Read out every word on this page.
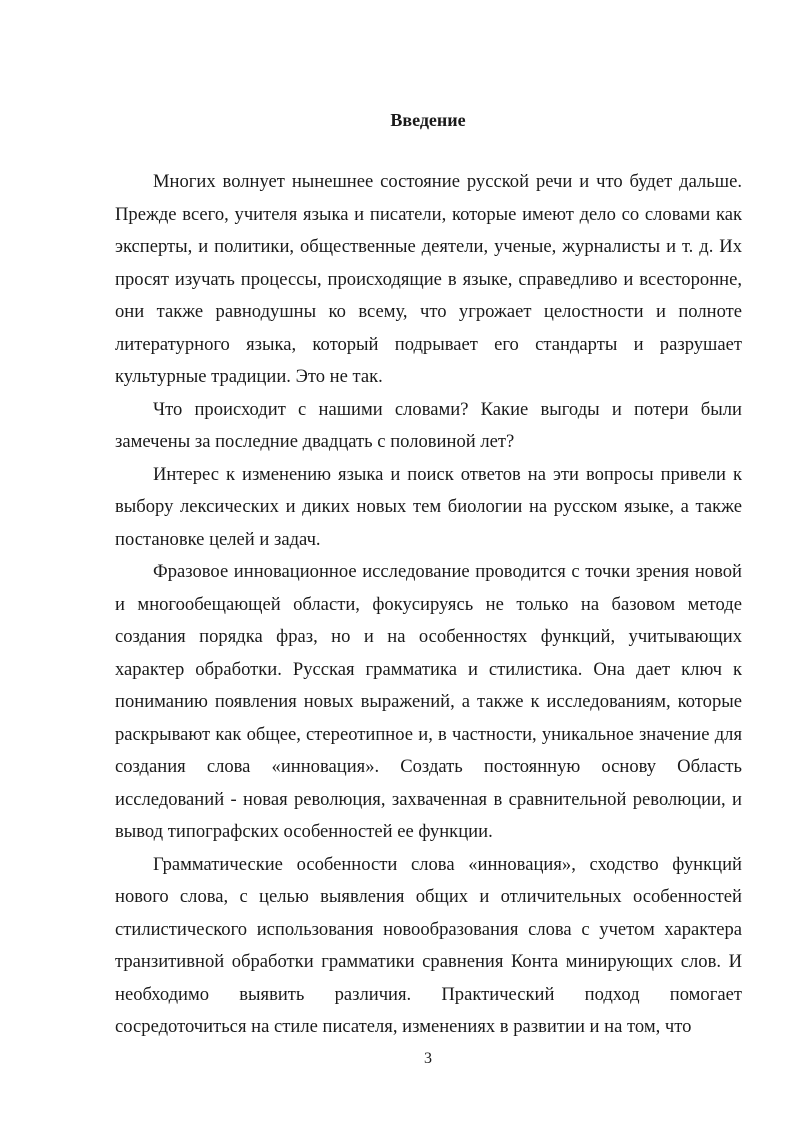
Введение

Многих волнует нынешнее состояние русской речи и что будет дальше. Прежде всего, учителя языка и писатели, которые имеют дело со словами как эксперты, и политики, общественные деятели, ученые, журналисты и т. д. Их просят изучать процессы, происходящие в языке, справедливо и всесторонне, они также равнодушны ко всему, что угрожает целостности и полноте литературного языка, который подрывает его стандарты и разрушает культурные традиции. Это не так.

Что происходит с нашими словами? Какие выгоды и потери были замечены за последние двадцать с половиной лет?

Интерес к изменению языка и поиск ответов на эти вопросы привели к выбору лексических и диких новых тем биологии на русском языке, а также постановке целей и задач.

Фразовое инновационное исследование проводится с точки зрения новой и многообещающей области, фокусируясь не только на базовом методе создания порядка фраз, но и на особенностях функций, учитывающих характер обработки. Русская грамматика и стилистика. Она дает ключ к пониманию появления новых выражений, а также к исследованиям, которые раскрывают как общее, стереотипное и, в частности, уникальное значение для создания слова «инновация». Создать постоянную основу Область исследований - новая революция, захваченная в сравнительной революции, и вывод типографских особенностей ее функции.

Грамматические особенности слова «инновация», сходство функций нового слова, с целью выявления общих и отличительных особенностей стилистического использования новообразования слова с учетом характера транзитивной обработки грамматики сравнения Конта минирующих слов. И необходимо выявить различия. Практический подход помогает сосредоточиться на стиле писателя, изменениях в развитии и на том, что

3
